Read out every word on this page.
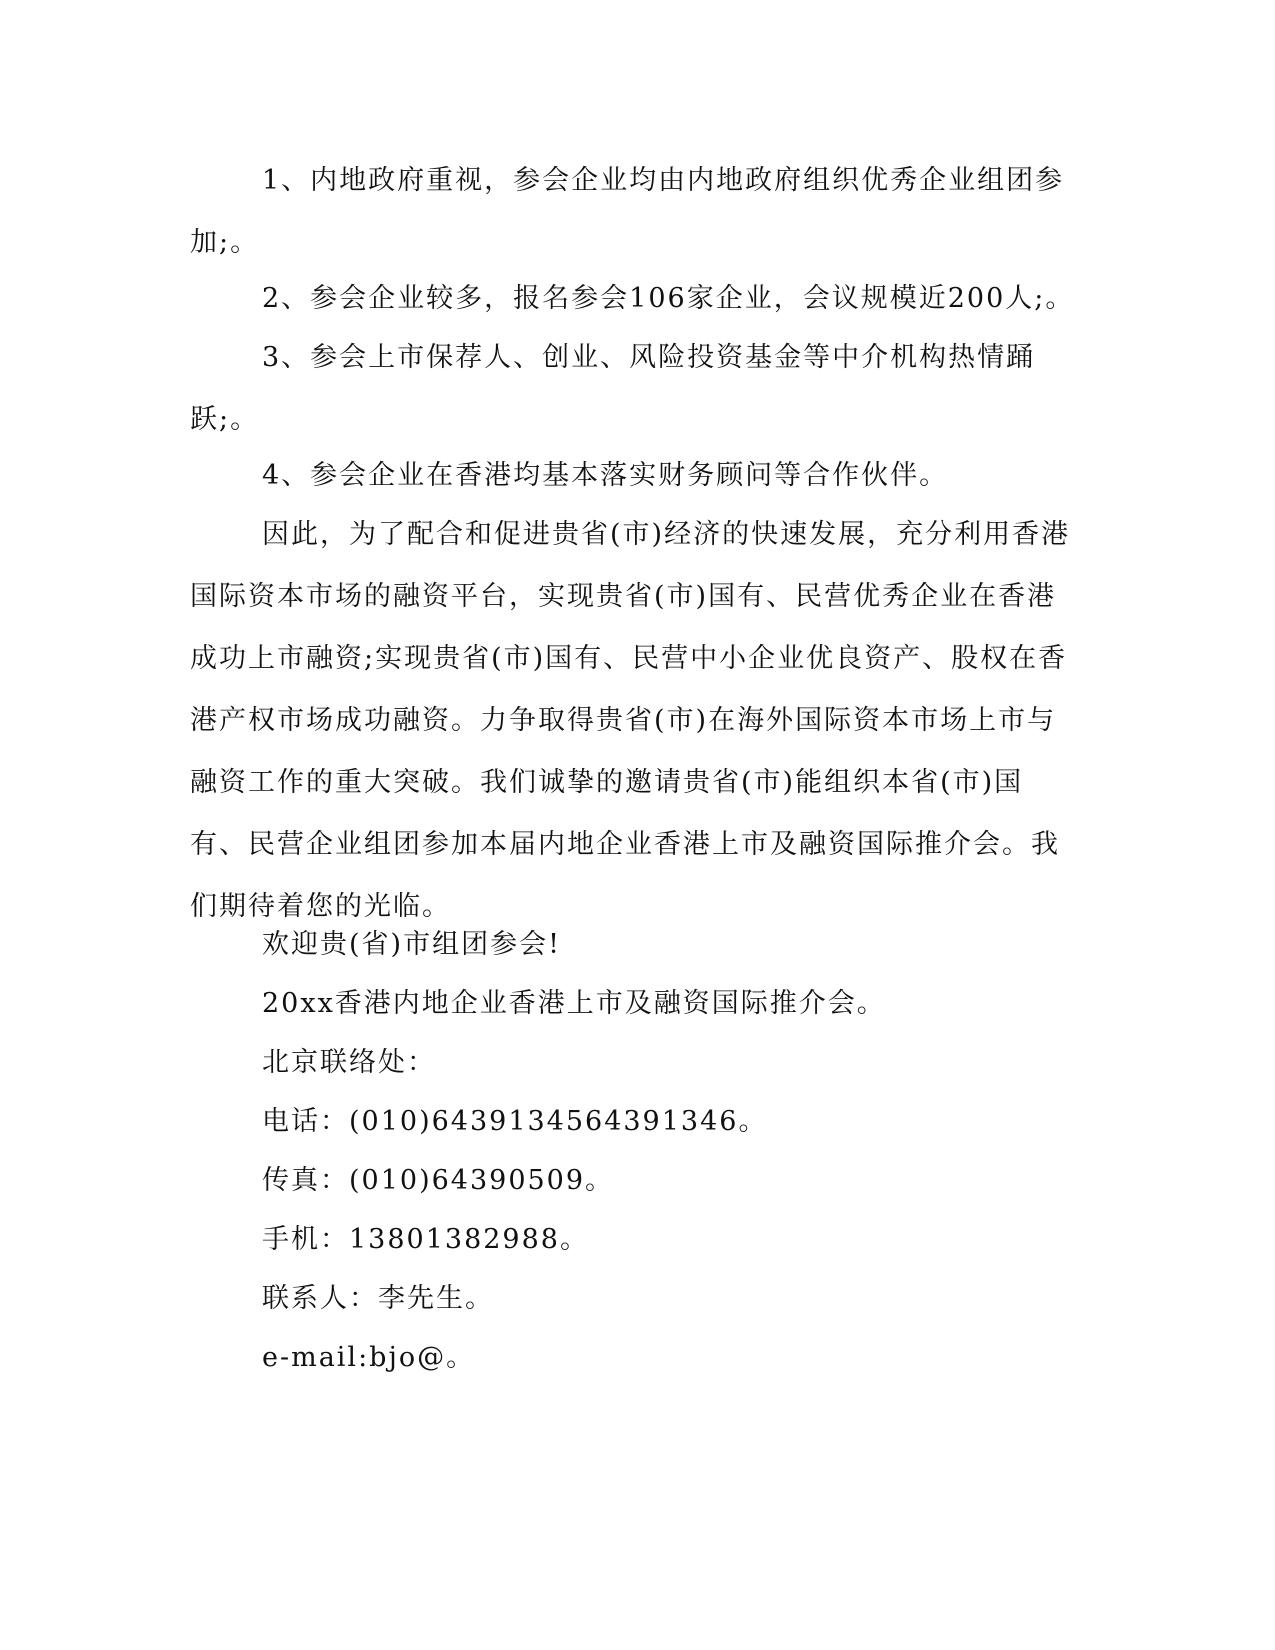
1、内地政府重视，参会企业均由内地政府组织优秀企业组团参加;。

2、参会企业较多，报名参会106家企业，会议规模近200人;。

3、参会上市保荐人、创业、风险投资基金等中介机构热情踊跃;。

4、参会企业在香港均基本落实财务顾问等合作伙伴。

因此，为了配合和促进贵省(市)经济的快速发展，充分利用香港国际资本市场的融资平台，实现贵省(市)国有、民营优秀企业在香港成功上市融资;实现贵省(市)国有、民营中小企业优良资产、股权在香港产权市场成功融资。力争取得贵省(市)在海外国际资本市场上市与融资工作的重大突破。我们诚挚的邀请贵省(市)能组织本省(市)国有、民营企业组团参加本届内地企业香港上市及融资国际推介会。我们期待着您的光临。

欢迎贵(省)市组团参会!

20xx香港内地企业香港上市及融资国际推介会。

北京联络处：

电话：(010)6439134564391346。

传真：(010)64390509。

手机：13801382988。

联系人：李先生。

e-mail:bjo@。
